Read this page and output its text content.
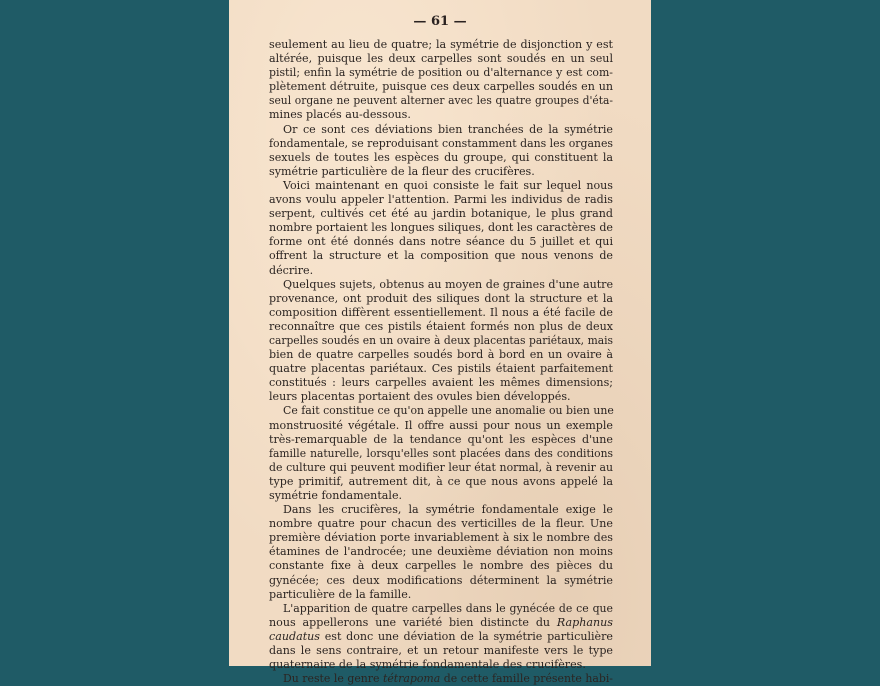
— 61 —
seulement au lieu de quatre; la symétrie de disjonction y est
altérée, puisque les deux carpelles sont soudés en un seul
pistil; enfin la symétrie de position ou d'alternance y est com-
plètement détruite, puisque ces deux carpelles soudés en un
seul organe ne peuvent alterner avec les quatre groupes d'éta-
mines placés au-dessous.
Or ce sont ces déviations bien tranchées de la symétrie
fondamentale, se reproduisant constamment dans les organes
sexuels de toutes les espèces du groupe, qui constituent la
symétrie particulière de la fleur des crucifères.
Voici maintenant en quoi consiste le fait sur lequel nous
avons voulu appeler l'attention. Parmi les individus de radis
serpent, cultivés cet été au jardin botanique, le plus grand
nombre portaient les longues siliques, dont les caractères de
forme ont été donnés dans notre séance du 5 juillet et qui
offrent la structure et la composition que nous venons de
décrire.
Quelques sujets, obtenus au moyen de graines d'une autre
provenance, ont produit des siliques dont la structure et la
composition diffèrent essentiellement. Il nous a été facile de
reconnaître que ces pistils étaient formés non plus de deux
carpelles soudés en un ovaire à deux placentas pariétaux, mais
bien de quatre carpelles soudés bord à bord en un ovaire à
quatre placentas pariétaux. Ces pistils étaient parfaitement
constitués : leurs carpelles avaient les mêmes dimensions;
leurs placentas portaient des ovules bien développés.
Ce fait constitue ce qu'on appelle une anomalie ou bien une
monstruosité végétale. Il offre aussi pour nous un exemple
très-remarquable de la tendance qu'ont les espèces d'une
famille naturelle, lorsqu'elles sont placées dans des conditions
de culture qui peuvent modifier leur état normal, à revenir au
type primitif, autrement dit, à ce que nous avons appelé la
symétrie fondamentale.
Dans les crucifères, la symétrie fondamentale exige le
nombre quatre pour chacun des verticilles de la fleur. Une
première déviation porte invariablement à six le nombre des
étamines de l'androcée; une deuxième déviation non moins
constante fixe à deux carpelles le nombre des pièces du
gynécée; ces deux modifications déterminent la symétrie
particulière de la famille.
L'apparition de quatre carpelles dans le gynécée de ce que
nous appellerons une variété bien distincte du Raphanus
caudatus est donc une déviation de la symétrie particulière
dans le sens contraire, et un retour manifeste vers le type
quaternaire de la symétrie fondamentale des crucifères.
Du reste le genre tétrapoma de cette famille présente habi-
